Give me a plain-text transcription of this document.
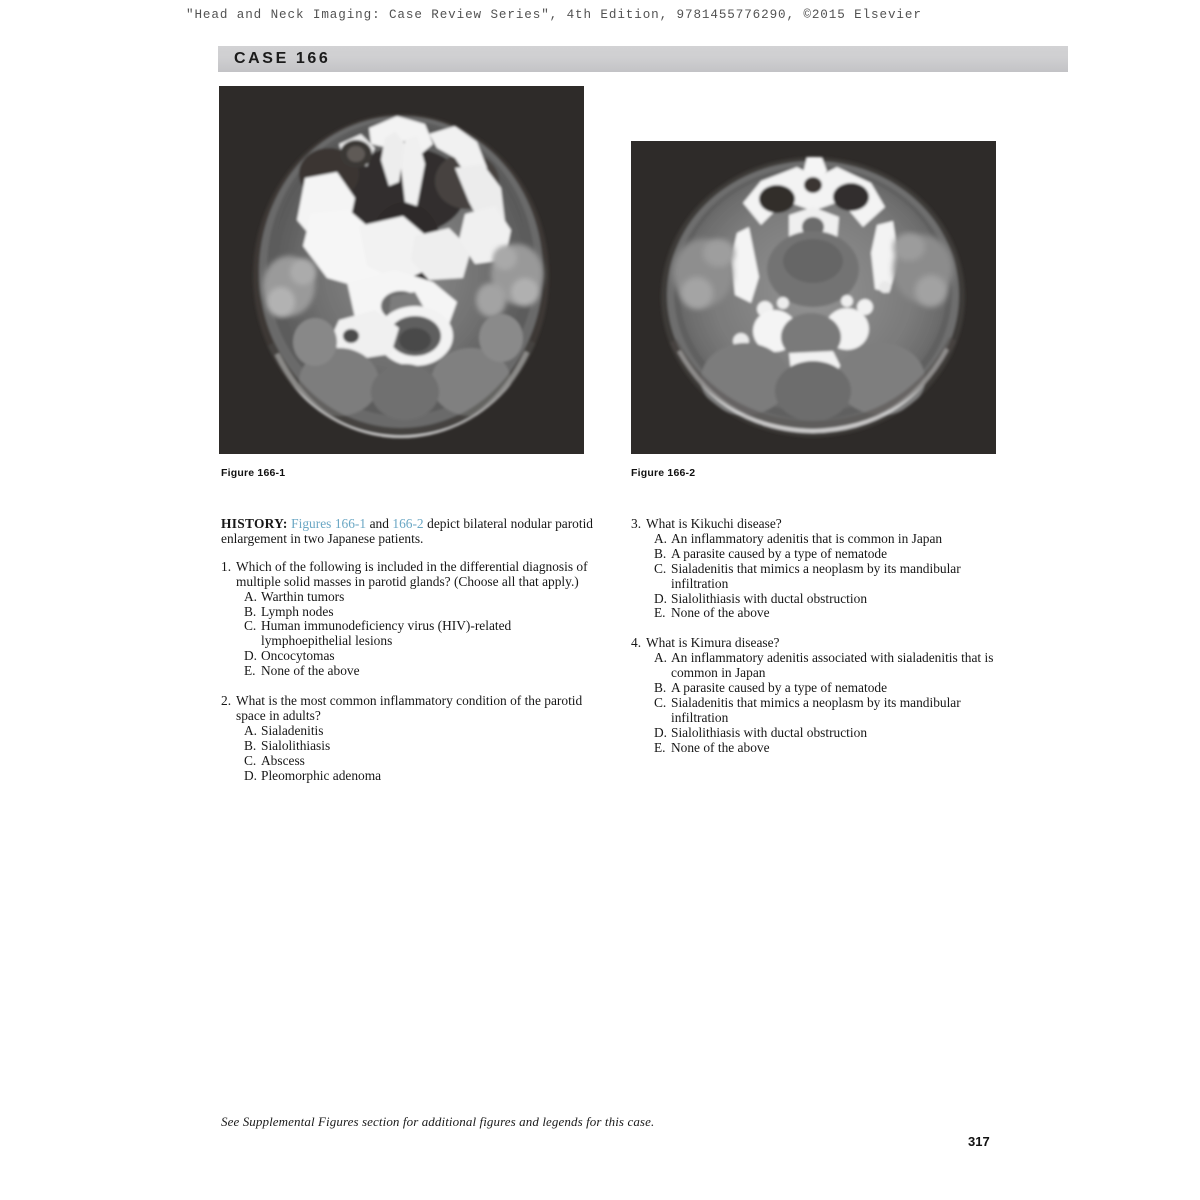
"Head and Neck Imaging: Case Review Series", 4th Edition, 9781455776290, ©2015 Elsevier
CASE 166
Figure 166-1	Figure 166-2

HISTORY: Figures 166-1 and 166-2 depict bilateral nodular parotid enlargement in two Japanese patients.

1. Which of the following is included in the differential diagnosis of multiple solid masses in parotid glands? (Choose all that apply.)
A. Warthin tumors
B. Lymph nodes
C. Human immunodeficiency virus (HIV)-related lymphoepithelial lesions
D. Oncocytomas
E. None of the above
2. What is the most common inflammatory condition of the parotid space in adults?
A. Sialadenitis
B. Sialolithiasis
C. Abscess
D. Pleomorphic adenoma
3. What is Kikuchi disease?
A. An inflammatory adenitis that is common in Japan
B. A parasite caused by a type of nematode
C. Sialadenitis that mimics a neoplasm by its mandibular infiltration
D. Sialolithiasis with ductal obstruction
E. None of the above
4. What is Kimura disease?
A. An inflammatory adenitis associated with sialadenitis that is common in Japan
B. A parasite caused by a type of nematode
C. Sialadenitis that mimics a neoplasm by its mandibular infiltration
D. Sialolithiasis with ductal obstruction
E. None of the above
See Supplemental Figures section for additional figures and legends for this case.
317
